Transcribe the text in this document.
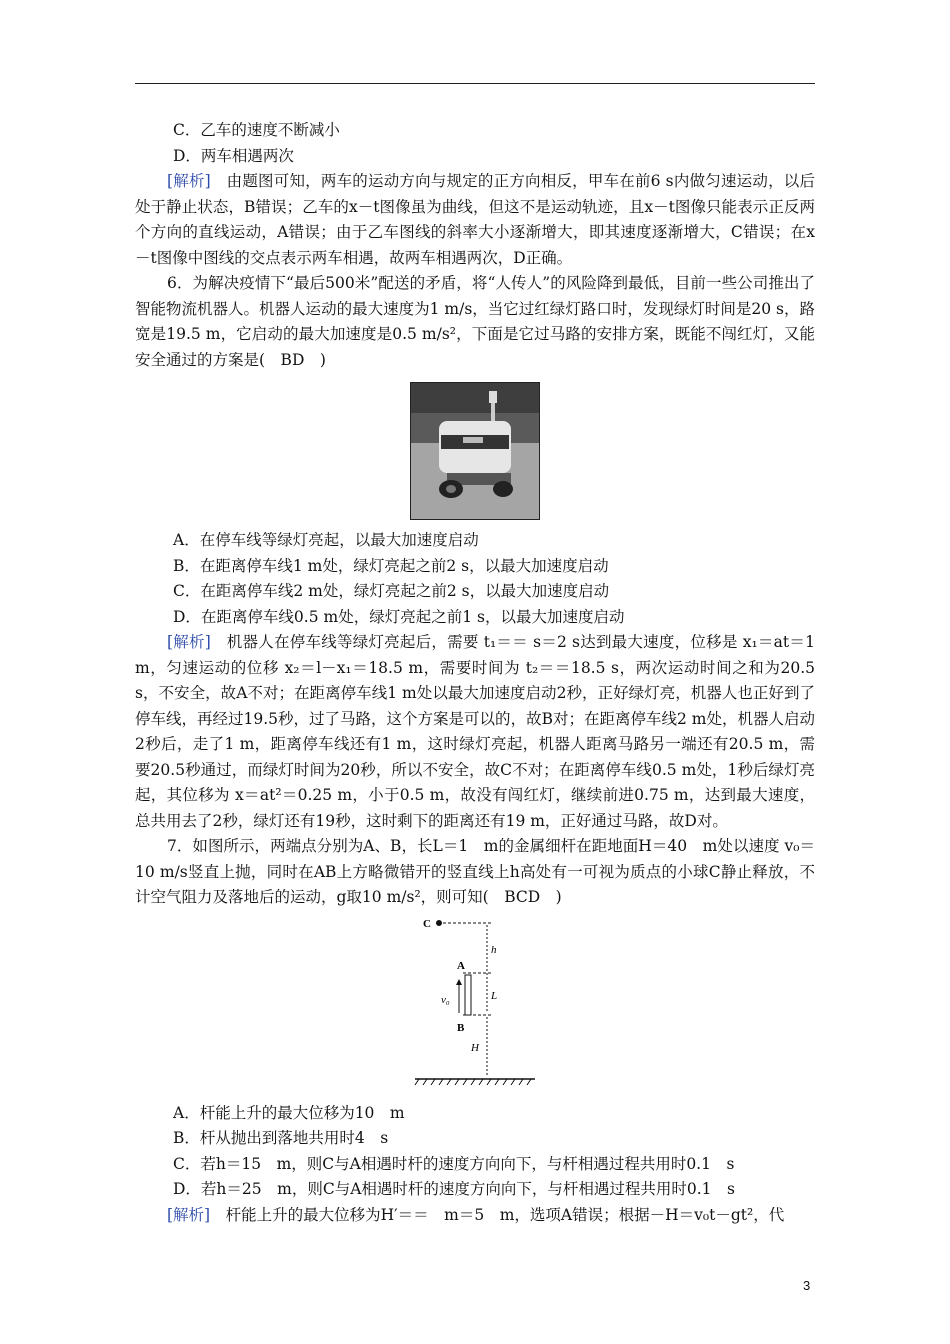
C．乙车的速度不断减小

D．两车相遇两次

[解析]　 由题图可知，两车的运动方向与规定的正方向相反，甲车在前6 s内做匀速运动，以后处于静止状态，B错误；乙车的x－t图像虽为曲线，但这不是运动轨迹，且x－t图像只能表示正反两个方向的直线运动，A错误；由于乙车图线的斜率大小逐渐增大，即其速度逐渐增大，C错误；在x－t图像中图线的交点表示两车相遇，故两车相遇两次，D正确。

6．为解决疫情下“最后500米”配送的矛盾，将“人传人”的风险降到最低，目前一些公司推出了智能物流机器人。机器人运动的最大速度为1 m/s，当它过红绿灯路口时，发现绿灯时间是20 s，路宽是19.5 m，它启动的最大加速度是0.5 m/s²，下面是它过马路的安排方案，既能不闯红灯，又能安全通过的方案是(　BD　)

A．在停车线等绿灯亮起，以最大加速度启动

B．在距离停车线1 m处，绿灯亮起之前2 s，以最大加速度启动

C．在距离停车线2 m处，绿灯亮起之前2 s，以最大加速度启动

D．在距离停车线0.5 m处，绿灯亮起之前1 s，以最大加速度启动

[解析]　 机器人在停车线等绿灯亮起后，需要 t₁＝＝ s＝2 s达到最大速度，位移是 x₁＝at＝1 m，匀速运动的位移 x₂＝l－x₁＝18.5 m，需要时间为 t₂＝＝18.5 s，两次运动时间之和为20.5 s，不安全，故A不对；在距离停车线1 m处以最大加速度启动2秒，正好绿灯亮，机器人也正好到了停车线，再经过19.5秒，过了马路，这个方案是可以的，故B对；在距离停车线2 m处，机器人启动2秒后，走了1 m，距离停车线还有1 m，这时绿灯亮起，机器人距离马路另一端还有20.5 m，需要20.5秒通过，而绿灯时间为20秒，所以不安全，故C不对；在距离停车线0.5 m处，1秒后绿灯亮起，其位移为 x＝at²＝0.25 m，小于0.5 m，故没有闯红灯，继续前进0.75 m，达到最大速度，总共用去了2秒，绿灯还有19秒，这时剩下的距离还有19 m，正好通过马路，故D对。

7．如图所示，两端点分别为A、B，长L＝1　m的金属细杆在距地面H＝40　m处以速度 v₀＝10 m/s竖直上抛，同时在AB上方略微错开的竖直线上h高处有一可视为质点的小球C静止释放，不计空气阻力及落地后的运动，g取10 m/s²，则可知(　BCD　)

C
h
A
L
v₀
B
H

A．杆能上升的最大位移为10　m

B．杆从抛出到落地共用时4　s

C．若h＝15　m，则C与A相遇时杆的速度方向向下，与杆相遇过程共用时0.1　s

D．若h＝25　m，则C与A相遇时杆的速度方向向下，与杆相遇过程共用时0.1　s

[解析]　 杆能上升的最大位移为H′＝＝　m＝5　m，选项A错误；根据－H＝v₀t－gt²，代

3
